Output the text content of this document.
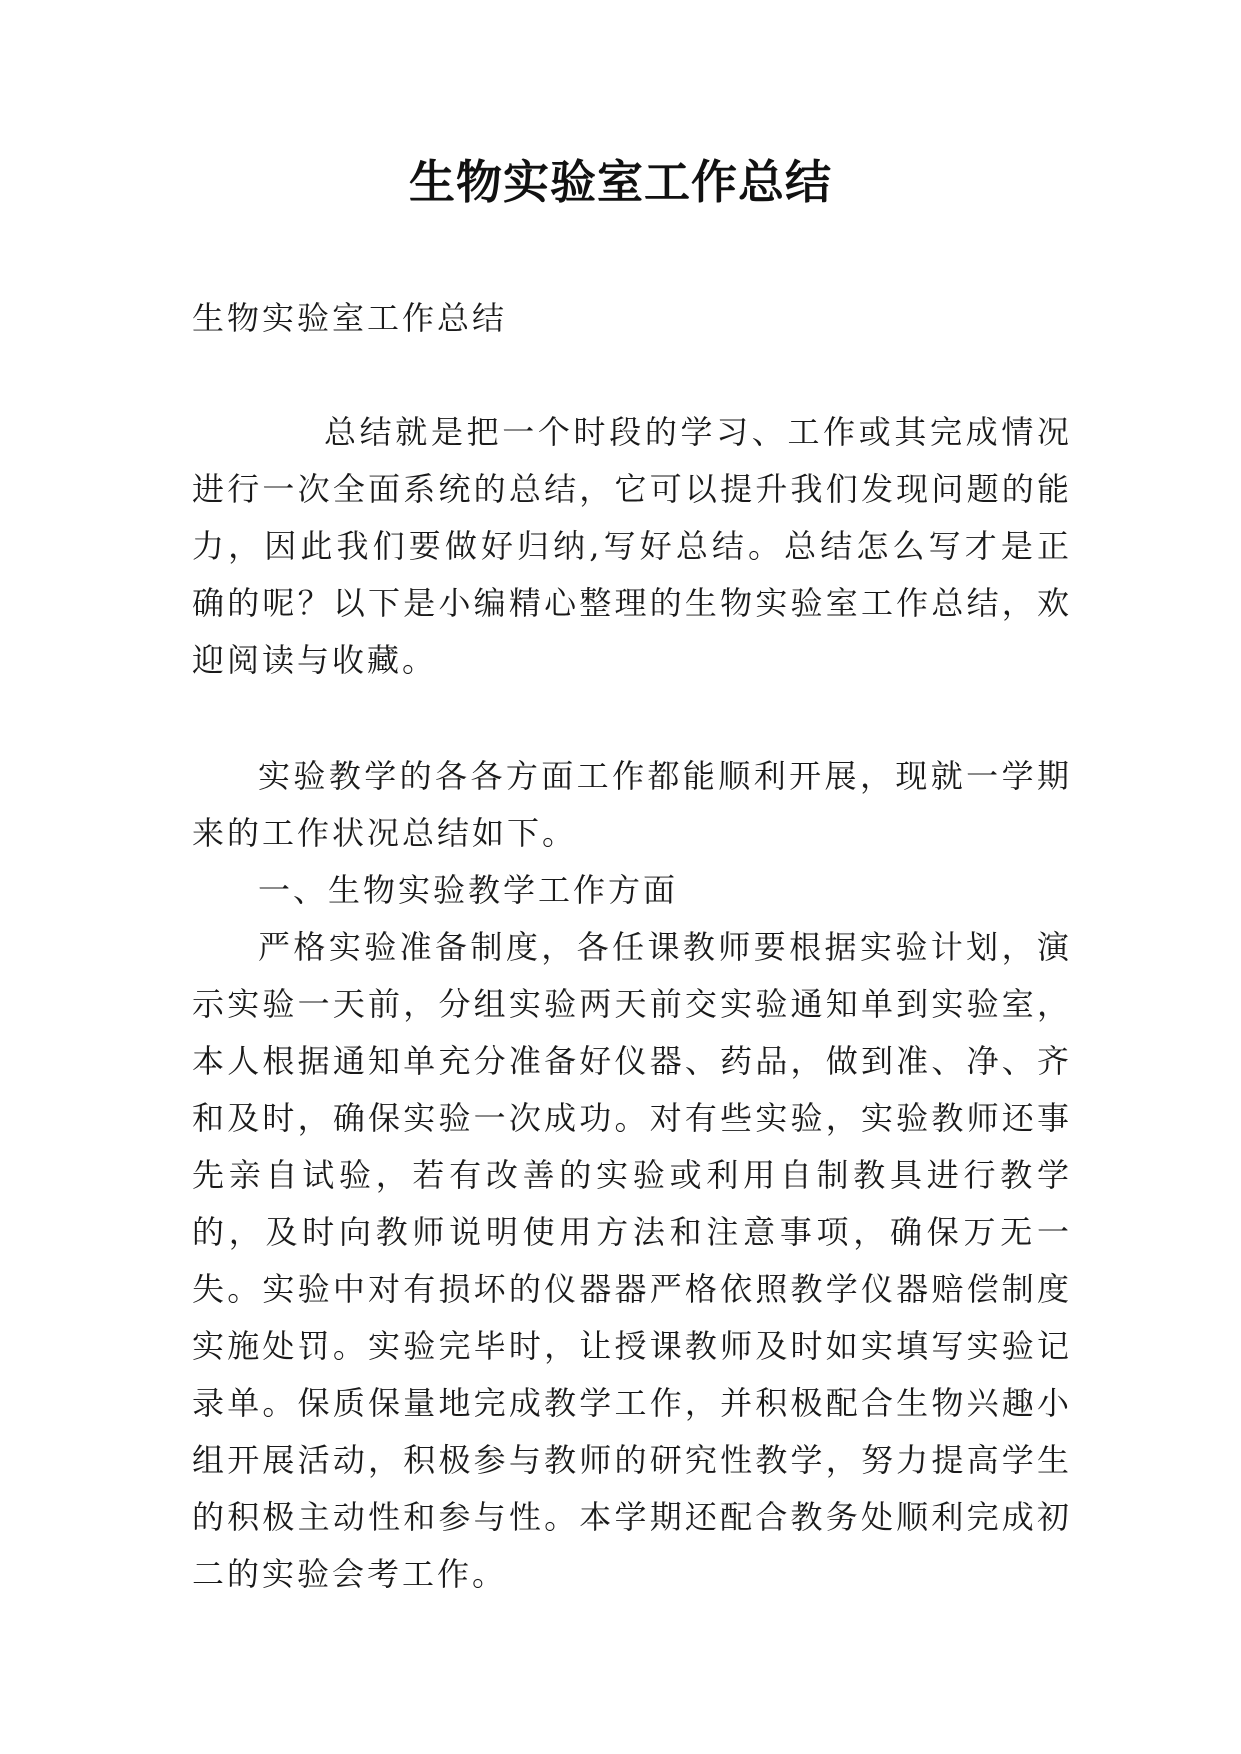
生物实验室工作总结

生物实验室工作总结

总结就是把一个时段的学习、工作或其完成情况进行一次全面系统的总结，它可以提升我们发现问题的能力，因此我们要做好归纳,写好总结。总结怎么写才是正确的呢？以下是小编精心整理的生物实验室工作总结，欢迎阅读与收藏。

实验教学的各各方面工作都能顺利开展，现就一学期来的工作状况总结如下。

一、生物实验教学工作方面

严格实验准备制度，各任课教师要根据实验计划，演示实验一天前，分组实验两天前交实验通知单到实验室，本人根据通知单充分准备好仪器、药品，做到准、净、齐和及时，确保实验一次成功。对有些实验，实验教师还事先亲自试验，若有改善的实验或利用自制教具进行教学的，及时向教师说明使用方法和注意事项，确保万无一失。实验中对有损坏的仪器器严格依照教学仪器赔偿制度实施处罚。实验完毕时，让授课教师及时如实填写实验记录单。保质保量地完成教学工作，并积极配合生物兴趣小组开展活动，积极参与教师的研究性教学，努力提高学生的积极主动性和参与性。本学期还配合教务处顺利完成初二的实验会考工作。
